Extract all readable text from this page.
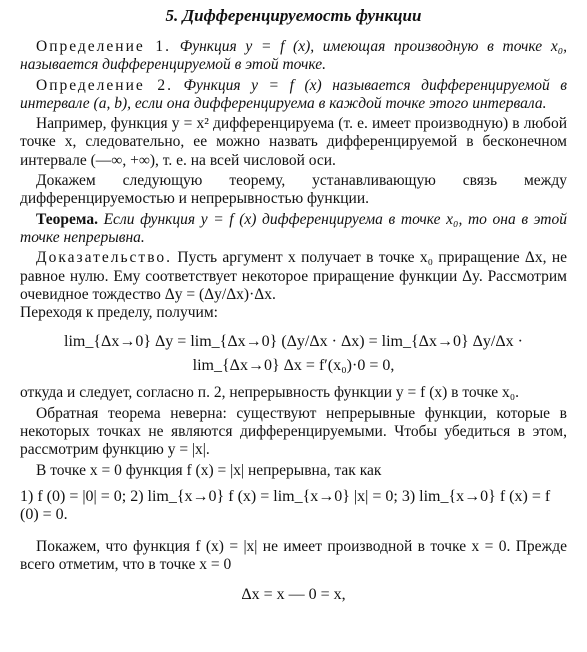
5. Дифференцируемость функции

Определение 1. Функция y = f (x), имеющая производную в точке x₀, называется дифференцируемой в этой точке.

Определение 2. Функция y = f (x) называется дифференцируемой в интервале (a, b), если она дифференцируема в каждой точке этого интервала.

Например, функция y = x² дифференцируема (т. е. имеет производную) в любой точке x, следовательно, ее можно назвать дифференцируемой в бесконечном интервале (—∞, +∞), т. е. на всей числовой оси.

Докажем следующую теорему, устанавливающую связь между дифференцируемостью и непрерывностью функции.

Теорема. Если функция y = f (x) дифференцируема в точке x₀, то она в этой точке непрерывна.

Доказательство. Пусть аргумент x получает в точке x₀ приращение Δx, не равное нулю. Ему соответствует некоторое приращение функции Δy. Рассмотрим очевидное тождество Δy = (Δy/Δx)·Δx.

Переходя к пределу, получим:

lim_{Δx→0} Δy = lim_{Δx→0} (Δy/Δx · Δx) = lim_{Δx→0} Δy/Δx · lim_{Δx→0} Δx = f′(x₀)·0 = 0,

откуда и следует, согласно п. 2, непрерывность функции y = f (x) в точке x₀.

Обратная теорема неверна: существуют непрерывные функции, которые в некоторых точках не являются дифференцируемыми. Чтобы убедиться в этом, рассмотрим функцию y = |x|.

В точке x = 0 функция f (x) = |x| непрерывна, так как

1) f (0) = |0| = 0; 2) lim_{x→0} f (x) = lim_{x→0} |x| = 0; 3) lim_{x→0} f (x) = f (0) = 0.

Покажем, что функция f (x) = |x| не имеет производной в точке x = 0. Прежде всего отметим, что в точке x = 0

Δx = x — 0 = x,
